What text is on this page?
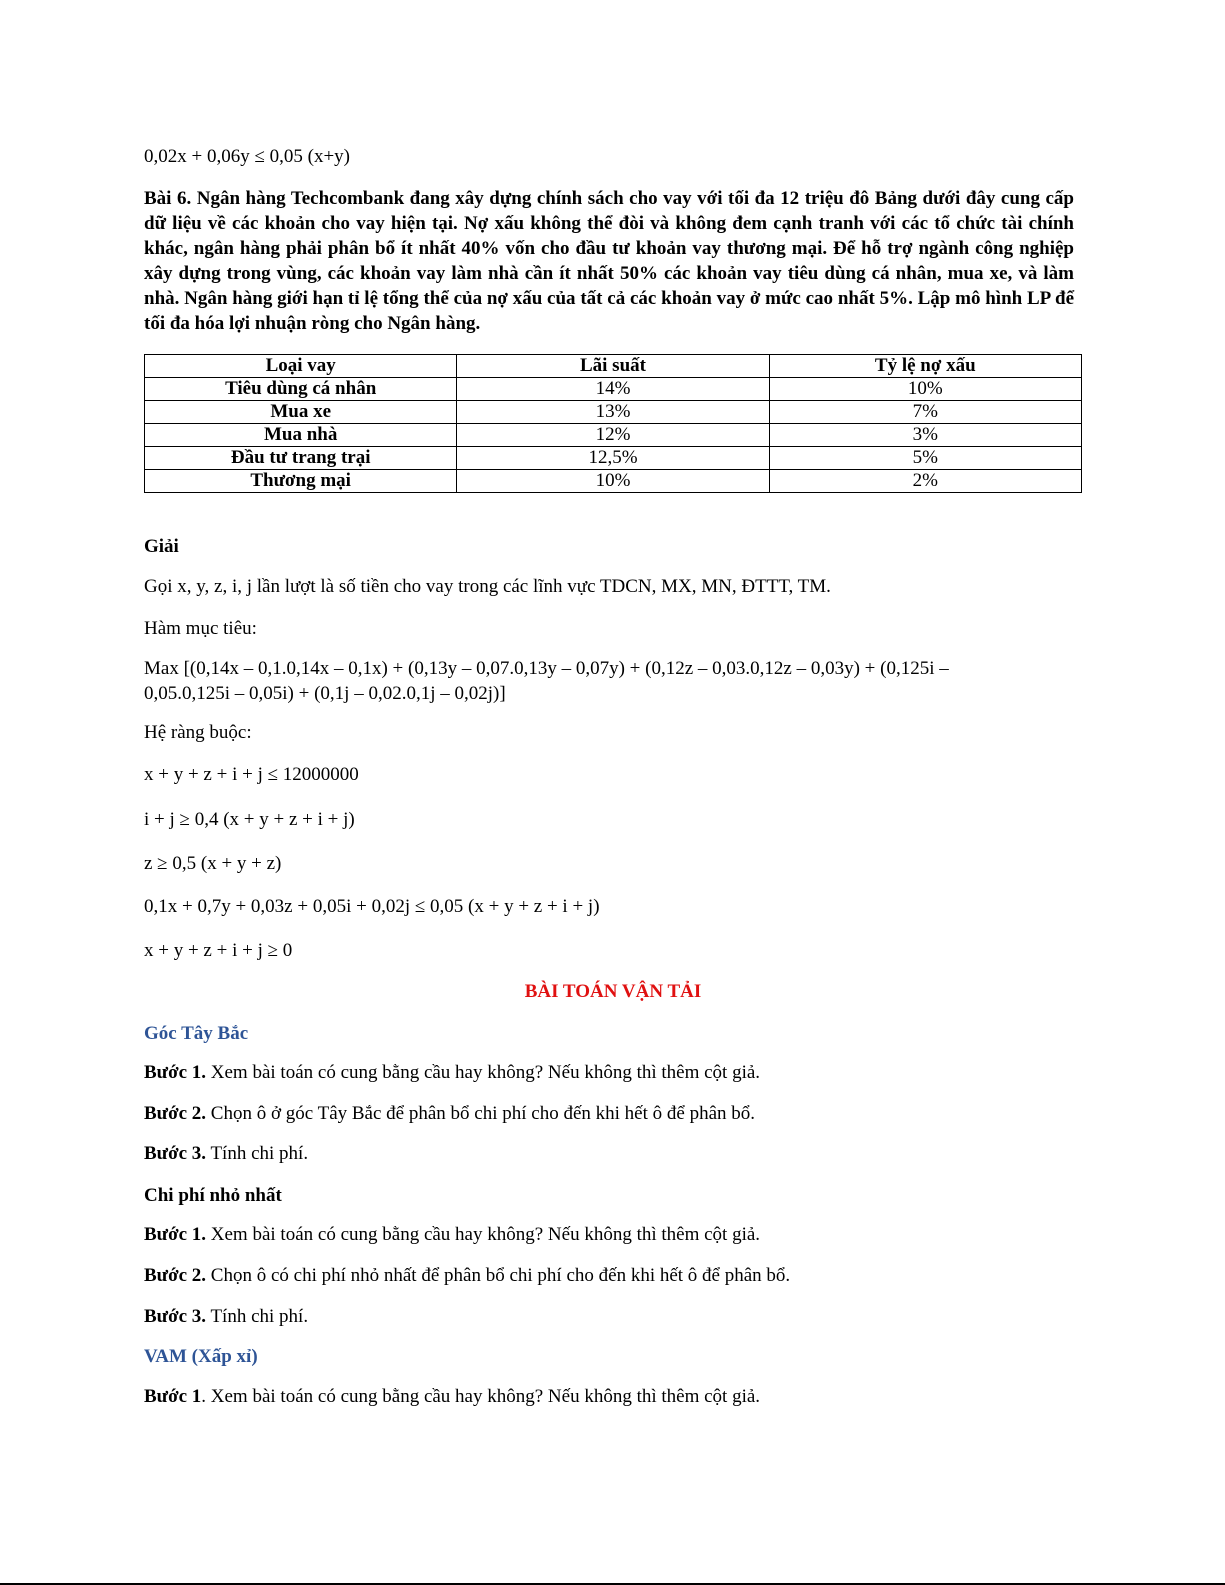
0,02x + 0,06y ≤ 0,05 (x+y)
Bài 6. Ngân hàng Techcombank đang xây dựng chính sách cho vay với tối đa 12 triệu đô Bảng dưới đây cung cấp dữ liệu về các khoản cho vay hiện tại. Nợ xấu không thể đòi và không đem cạnh tranh với các tổ chức tài chính khác, ngân hàng phải phân bổ ít nhất 40% vốn cho đầu tư khoản vay thương mại. Để hỗ trợ ngành công nghiệp xây dựng trong vùng, các khoản vay làm nhà cần ít nhất 50% các khoản vay tiêu dùng cá nhân, mua xe, và làm nhà. Ngân hàng giới hạn tỉ lệ tổng thể của nợ xấu của tất cả các khoản vay ở mức cao nhất 5%. Lập mô hình LP để tối đa hóa lợi nhuận ròng cho Ngân hàng.
Loại vay	Lãi suất	Tỷ lệ nợ xấu
Tiêu dùng cá nhân	14%	10%
Mua xe	13%	7%
Mua nhà	12%	3%
Đầu tư trang trại	12,5%	5%
Thương mại	10%	2%
Giải
Gọi x, y, z, i, j lần lượt là số tiền cho vay trong các lĩnh vực TDCN, MX, MN, ĐTTT, TM.
Hàm mục tiêu:
Max [(0,14x – 0,1.0,14x – 0,1x) + (0,13y – 0,07.0,13y – 0,07y) + (0,12z – 0,03.0,12z – 0,03y) + (0,125i – 0,05.0,125i – 0,05i) + (0,1j – 0,02.0,1j – 0,02j)]
Hệ ràng buộc:
x + y + z + i + j ≤ 12000000
i + j ≥ 0,4 (x + y + z + i + j)
z ≥ 0,5 (x + y + z)
0,1x + 0,7y + 0,03z + 0,05i + 0,02j ≤ 0,05 (x + y + z + i + j)
x + y + z + i + j ≥ 0
BÀI TOÁN VẬN TẢI
Góc Tây Bắc
Bước 1. Xem bài toán có cung bằng cầu hay không? Nếu không thì thêm cột giả.
Bước 2. Chọn ô ở góc Tây Bắc để phân bổ chi phí cho đến khi hết ô để phân bổ.
Bước 3. Tính chi phí.
Chi phí nhỏ nhất
Bước 1. Xem bài toán có cung bằng cầu hay không? Nếu không thì thêm cột giả.
Bước 2. Chọn ô có chi phí nhỏ nhất để phân bổ chi phí cho đến khi hết ô để phân bổ.
Bước 3. Tính chi phí.
VAM (Xấp xỉ)
Bước 1. Xem bài toán có cung bằng cầu hay không? Nếu không thì thêm cột giả.
